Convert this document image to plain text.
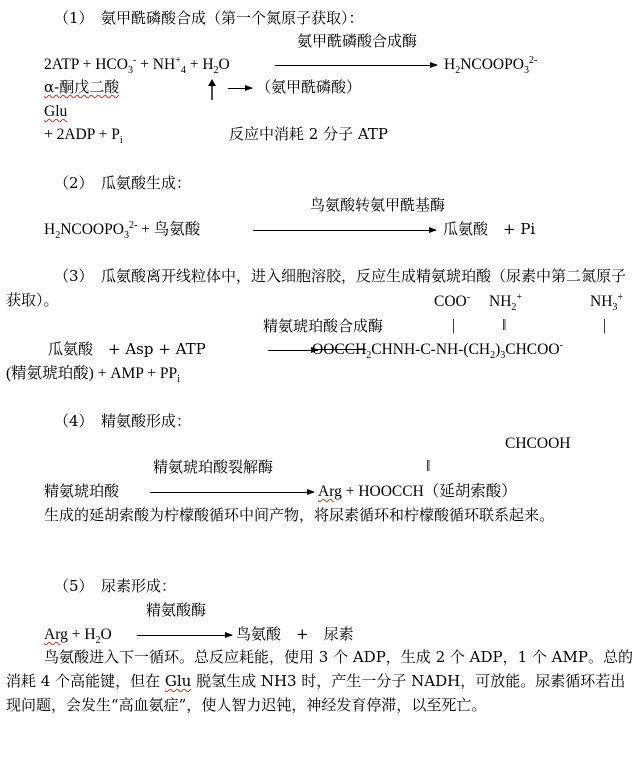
（1）　氨甲酰磷酸合成（第一个氮原子获取）：
氨甲酰磷酸合成酶
$2ATP + HCO_3^- + NH^+_4 + H_2O$	$H_2NCOOPO_3^{2-}$
α-酮戊二酸	（氨甲酰磷酸）
Glu
+ $2ADP + P_i$	反应中消耗 2 分子 ATP
（2）　瓜氨酸生成：
鸟氨酸转氨甲酰基酶
$H_2NCOOPO_3^{2-}$ + 鸟氨酸	瓜氨酸　+ Pi
（3）　瓜氨酸离开线粒体中，进入细胞溶胶，反应生成精氨琥珀酸（尿素中第二氮原子获取）。	COO- $NH_2^+$	$NH_3^+$
精氨琥珀酸合成酶	|	‖	|
瓜氨酸　+ Asp + ATP	$OOCCH_2CHNH-C-NH-(CH_2)_3CHCOO^-$
(精氨琥珀酸) + AMP + $PP_i$
（4）　精氨酸形成：
CHCOOH
精氨琥珀酸裂解酶	‖
精氨琥珀酸	Arg + HOOCCH（延胡索酸）
生成的延胡索酸为柠檬酸循环中间产物，将尿素循环和柠檬酸循环联系起来。
（5）　尿素形成：
精氨酸酶
Arg + $H_2O$	鸟氨酸　+　尿素
鸟氨酸进入下一循环。总反应耗能，使用 3 个 ADP，生成 2 个 ADP，1 个 AMP。总的消耗 4 个高能键，但在 Glu 脱氢生成 NH3 时，产生一分子 NADH，可放能。尿素循环若出现问题，会发生“高血氨症”，使人智力迟钝，神经发育停滞，以至死亡。
